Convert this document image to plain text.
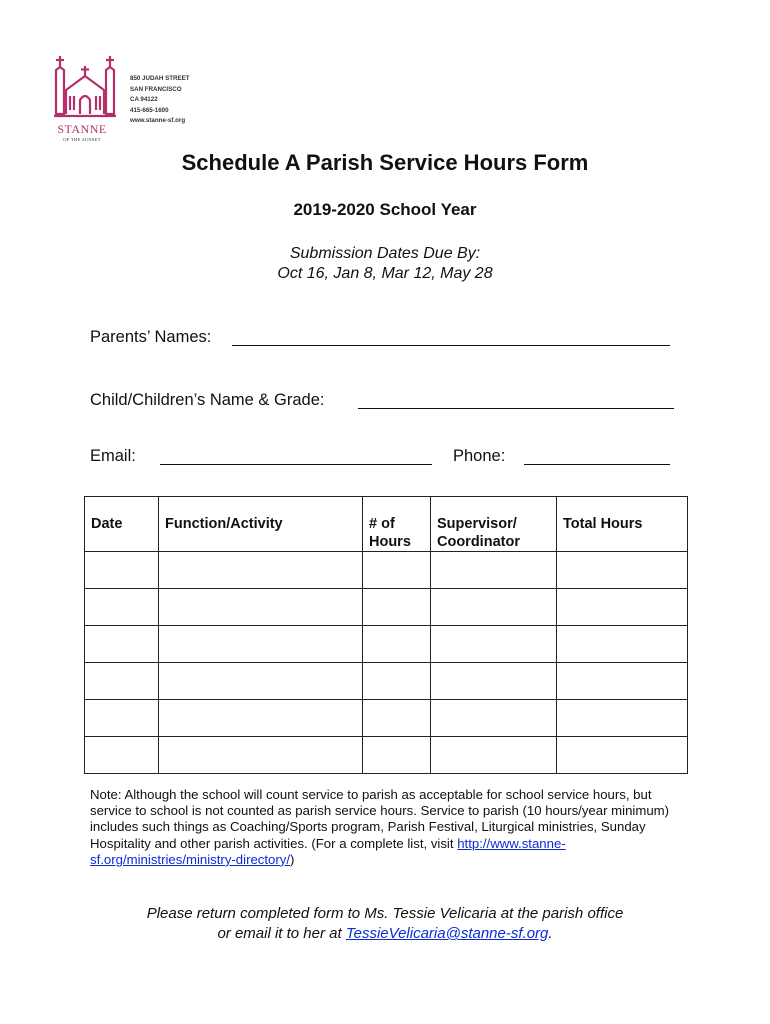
STANNE
OF THE SUNSET
850 JUDAH STREET
SAN FRANCISCO
CA 94122
415-665-1600
www.stanne-sf.org
Schedule A Parish Service Hours Form
2019-2020 School Year
Submission Dates Due By:
Oct 16, Jan 8, Mar 12, May 28
Parents’ Names:
Child/Children’s Name & Grade:
Email:	Phone:
Date	Function/Activity	# of Hours	Supervisor/ Coordinator	Total Hours

Note: Although the school will count service to parish as acceptable for school service hours, but service to school is not counted as parish service hours. Service to parish (10 hours/year minimum) includes such things as Coaching/Sports program, Parish Festival, Liturgical ministries, Sunday Hospitality and other parish activities. (For a complete list, visit http://www.stanne-sf.org/ministries/ministry-directory/)
Please return completed form to Ms. Tessie Velicaria at the parish office
or email it to her at TessieVelicaria@stanne-sf.org.
